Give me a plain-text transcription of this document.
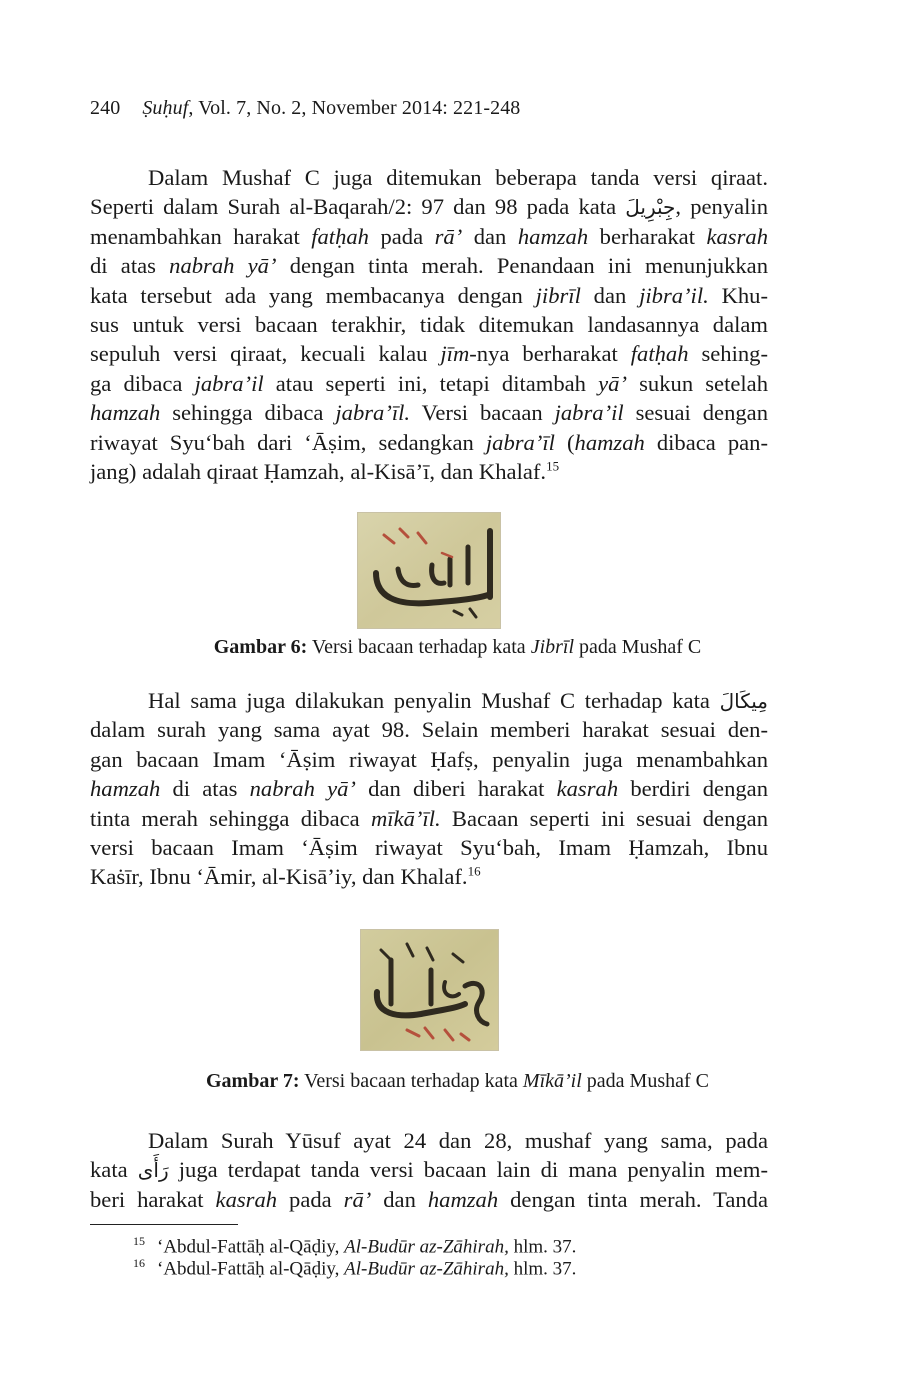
240 Ṣuḥuf, Vol. 7, No. 2, November 2014: 221-248
Dalam Mushaf C juga ditemukan beberapa tanda versi qiraat.
Seperti dalam Surah al-Baqarah/2: 97 dan 98 pada kata جِبْرِيلَ, penyalin
menambahkan harakat fatḥah pada rā’ dan hamzah berharakat kasrah
di atas nabrah yā’ dengan tinta merah. Penandaan ini menunjukkan
kata tersebut ada yang membacanya dengan jibrīl dan jibra’il. Khu-
sus untuk versi bacaan terakhir, tidak ditemukan landasannya dalam
sepuluh versi qiraat, kecuali kalau jīm-nya berharakat fatḥah sehing-
ga dibaca jabra’il atau seperti ini, tetapi ditambah yā’ sukun setelah
hamzah sehingga dibaca jabra’īl. Versi bacaan jabra’il sesuai dengan
riwayat Syu‘bah dari ‘Āṣim, sedangkan jabra’īl (hamzah dibaca pan-
jang) adalah qiraat Ḥamzah, al-Kisā’ī, dan Khalaf.$^{15}$
Gambar 6: Versi bacaan terhadap kata Jibrīl pada Mushaf C
Hal sama juga dilakukan penyalin Mushaf C terhadap kata مِيكَالَ
dalam surah yang sama ayat 98. Selain memberi harakat sesuai den-
gan bacaan Imam ‘Āṣim riwayat Ḥafṣ, penyalin juga menambahkan
hamzah di atas nabrah yā’ dan diberi harakat kasrah berdiri dengan
tinta merah sehingga dibaca mīkā’īl. Bacaan seperti ini sesuai dengan
versi bacaan Imam ‘Āṣim riwayat Syu‘bah, Imam Ḥamzah, Ibnu
Kaṡīr, Ibnu ‘Āmir, al-Kisā’iy, dan Khalaf.$^{16}$
Gambar 7: Versi bacaan terhadap kata Mīkā’il pada Mushaf C
Dalam Surah Yūsuf ayat 24 dan 28, mushaf yang sama, pada
kata رَأَى juga terdapat tanda versi bacaan lain di mana penyalin mem-
beri harakat kasrah pada rā’ dan hamzah dengan tinta merah. Tanda
$^{15}$ ‘Abdul-Fattāḥ al-Qāḍiy, Al-Budūr az-Zāhirah, hlm. 37.
$^{16}$ ‘Abdul-Fattāḥ al-Qāḍiy, Al-Budūr az-Zāhirah, hlm. 37.
